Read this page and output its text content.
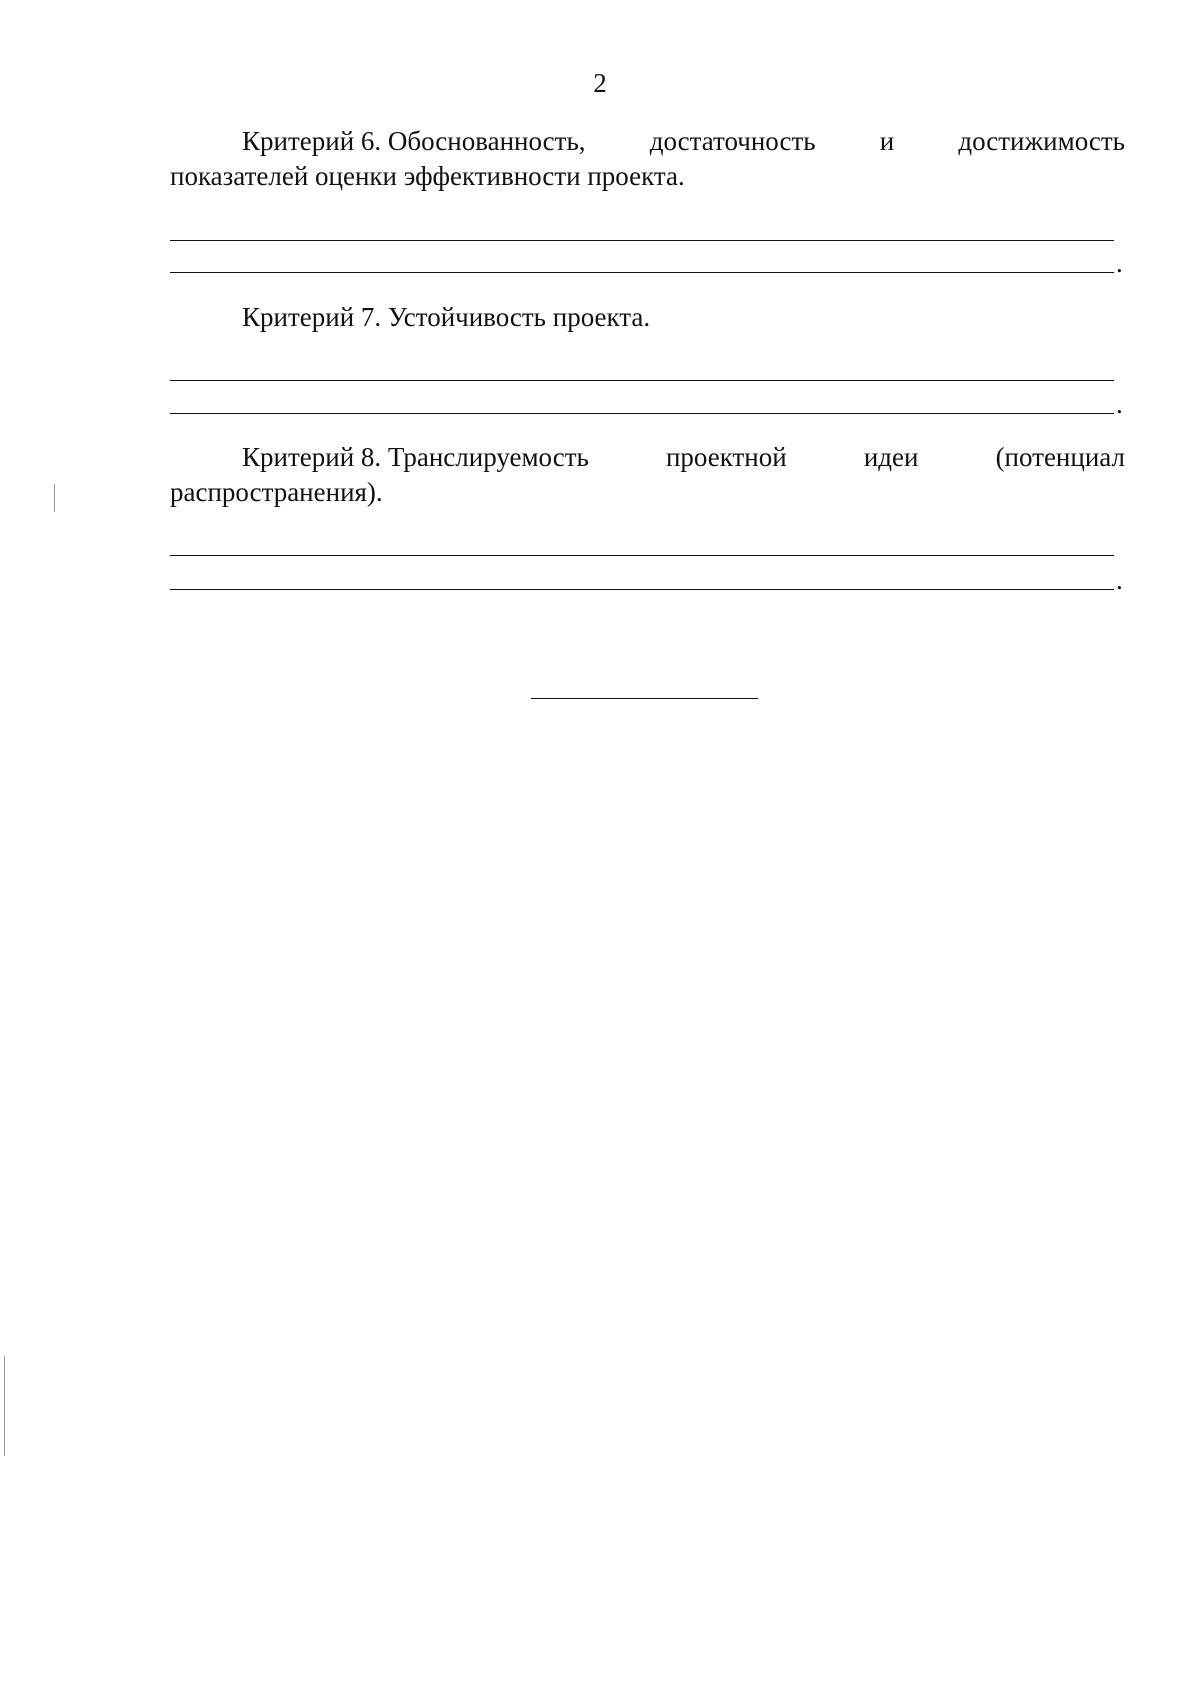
2
Критерий 6. Обоснованность, достаточность и достижимость
показателей оценки эффективности проекта.
.
Критерий 7. Устойчивость проекта.
.
Критерий 8. Транслируемость	проектной	идеи	(потенциал
распространения).
.
